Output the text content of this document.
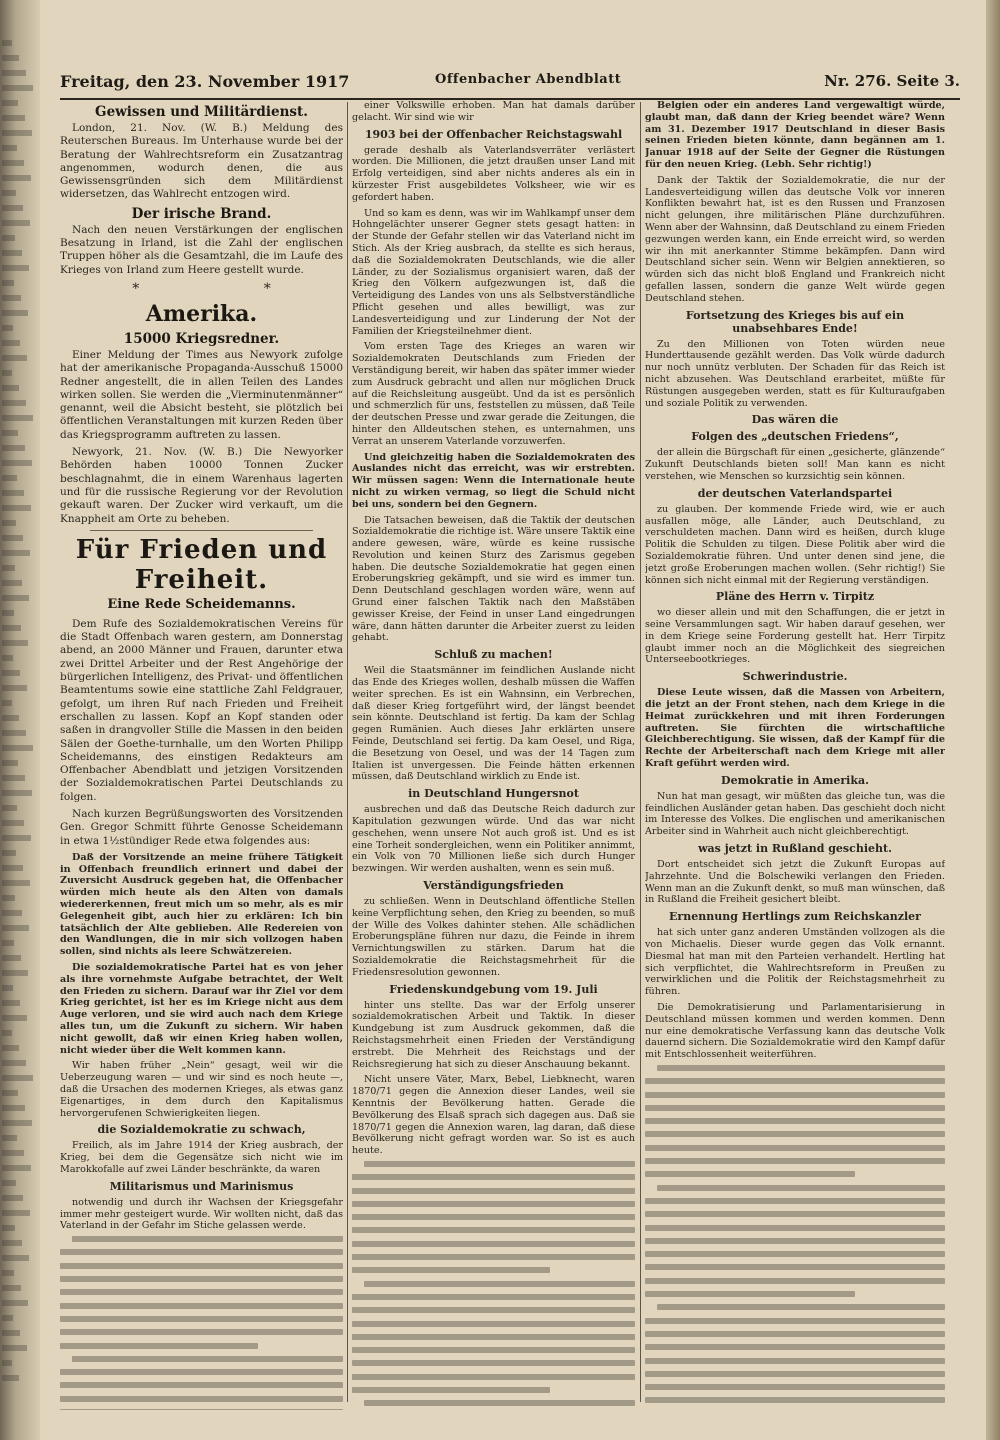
Freitag, den 23. November 1917	Offenbacher Abendblatt	Nr. 276. Seite 3.
Gewissen und Militärdienst.

London, 21. Nov. (W. B.) Meldung des Reuterschen Bureaus. Im Unterhause wurde bei der Beratung der Wahlrechtsreform ein Zusatzantrag angenommen, wodurch denen, die aus Gewissensgründen sich dem Militärdienst widersetzen, das Wahlrecht entzogen wird.

Der irische Brand.

Nach den neuen Verstärkungen der englischen Besatzung in Irland, ist die Zahl der englischen Truppen höher als die Gesamtzahl, die im Laufe des Krieges von Irland zum Heere gestellt wurde.

* *
Amerika.
15000 Kriegsredner.

Einer Meldung der Times aus Newyork zufolge hat der amerikanische Propaganda-Ausschuß 15000 Redner angestellt, die in allen Teilen des Landes wirken sollen. Sie werden die „Vierminutenmänner“ genannt, weil die Absicht besteht, sie plötzlich bei öffentlichen Veranstaltungen mit kurzen Reden über das Kriegsprogramm auftreten zu lassen.

Newyork, 21. Nov. (W. B.) Die Newyorker Behörden haben 10000 Tonnen Zucker beschlagnahmt, die in einem Warenhaus lagerten und für die russische Regierung vor der Revolution gekauft waren. Der Zucker wird verkauft, um die Knappheit am Orte zu beheben.

Für Frieden und Freiheit.
Eine Rede Scheidemanns.

Dem Rufe des Sozialdemokratischen Vereins für die Stadt Offenbach waren gestern, am Donnerstag abend, an 2000 Männer und Frauen, darunter etwa zwei Drittel Arbeiter und der Rest Angehörige der bürgerlichen Intelligenz, des Privat- und öffentlichen Beamtentums sowie eine stattliche Zahl Feldgrauer, gefolgt, um ihren Ruf nach Frieden und Freiheit erschallen zu lassen. Kopf an Kopf standen oder saßen in drangvoller Stille die Massen in den beiden Sälen der Goethe-turnhalle, um den Worten Philipp Scheidemanns, des einstigen Redakteurs am Offenbacher Abendblatt und jetzigen Vorsitzenden der Sozialdemokratischen Partei Deutschlands zu folgen.

Nach kurzen Begrüßungsworten des Vorsitzenden Gen. Gregor Schmitt führte Genosse Scheidemann in etwa 1½stündiger Rede etwa folgendes aus:

Daß der Vorsitzende an meine frühere Tätigkeit in Offenbach freundlich erinnert und dabei der Zuversicht Ausdruck gegeben hat, die Offenbacher würden mich heute als den Alten von damals wiedererkennen, freut mich um so mehr, als es mir Gelegenheit gibt, auch hier zu erklären: Ich bin tatsächlich der Alte geblieben. Alle Redereien von den Wandlungen, die in mir sich vollzogen haben sollen, sind nichts als leere Schwätzereien.

Die sozialdemokratische Partei hat es von jeher als ihre vornehmste Aufgabe betrachtet, der Welt den Frieden zu sichern. Darauf war ihr Ziel vor dem Krieg gerichtet, ist her es im Kriege nicht aus dem Auge verloren, und sie wird auch nach dem Kriege alles tun, um die Zukunft zu sichern. Wir haben nicht gewollt, daß wir einen Krieg haben wollen, nicht wieder über die Welt kommen kann.

Wir haben früher „Nein“ gesagt, weil wir die Ueberzeugung waren — und wir sind es noch heute —, daß die Ursachen des modernen Krieges, als etwas ganz Eigenartiges, in dem durch den Kapitalismus hervorgerufenen Schwierigkeiten liegen.

die Sozialdemokratie zu schwach,

Freilich, als im Jahre 1914 der Krieg ausbrach, der Krieg, bei dem die Gegensätze sich nicht wie im Marokkofalle auf zwei Länder beschränkte, da waren

Militarismus und Marinismus

notwendig und durch ihr Wachsen der Kriegsgefahr immer mehr gesteigert wurde. Wir wollten nicht, daß das Vaterland in der Gefahr im Stiche gelassen werde.

einer Volkswille erhoben. Man hat damals darüber gelacht. Wir sind wie wir

1903 bei der Offenbacher Reichstagswahl

gerade deshalb als Vaterlandsverräter verlästert worden. Die Millionen, die jetzt draußen unser Land mit Erfolg verteidigen, sind aber nichts anderes als ein in kürzester Frist ausgebildetes Volksheer, wie wir es gefordert haben.

Und so kam es denn, was wir im Wahlkampf unser dem Hohngelächter unserer Gegner stets gesagt hatten: in der Stunde der Gefahr stellen wir das Vaterland nicht im Stich. Als der Krieg ausbrach, da stellte es sich heraus, daß die Sozialdemokraten Deutschlands, wie die aller Länder, zu der Sozialismus organisiert waren, daß der Krieg den Völkern aufgezwungen ist, daß die Verteidigung des Landes von uns als Selbstverständliche Pflicht gesehen und alles bewilligt, was zur Landesverteidigung und zur Linderung der Not der Familien der Kriegsteilnehmer dient.

Vom ersten Tage des Krieges an waren wir Sozialdemokraten Deutschlands zum Frieden der Verständigung bereit, wir haben das später immer wieder zum Ausdruck gebracht und allen nur möglichen Druck auf die Reichsleitung ausgeübt. Und da ist es persönlich und schmerzlich für uns, feststellen zu müssen, daß Teile der deutschen Presse und zwar gerade die Zeitungen, die hinter den Alldeutschen stehen, es unternahmen, uns Verrat an unserem Vaterlande vorzuwerfen.

Und gleichzeitig haben die Sozialdemokraten des Auslandes nicht das erreicht, was wir erstrebten. Wir müssen sagen: Wenn die Internationale heute nicht zu wirken vermag, so liegt die Schuld nicht bei uns, sondern bei den Gegnern.

Die Tatsachen beweisen, daß die Taktik der deutschen Sozialdemokratie die richtige ist. Wäre unsere Taktik eine andere gewesen, wäre, würde es keine russische Revolution und keinen Sturz des Zarismus gegeben haben. Die deutsche Sozialdemokratie hat gegen einen Eroberungskrieg gekämpft, und sie wird es immer tun. Denn Deutschland geschlagen worden wäre, wenn auf Grund einer falschen Taktik nach den Maßstäben gewisser Kreise, der Feind in unser Land eingedrungen wäre, dann hätten darunter die Arbeiter zuerst zu leiden gehabt.

Schluß zu machen!

Weil die Staatsmänner im feindlichen Auslande nicht das Ende des Krieges wollen, deshalb müssen die Waffen weiter sprechen. Es ist ein Wahnsinn, ein Verbrechen, daß dieser Krieg fortgeführt wird, der längst beendet sein könnte. Deutschland ist fertig. Da kam der Schlag gegen Rumänien. Auch dieses Jahr erklärten unsere Feinde, Deutschland sei fertig. Da kam Oesel, und Riga, die Besetzung von Oesel, und was der 14 Tagen zum Italien ist unvergessen. Die Feinde hätten erkennen müssen, daß Deutschland wirklich zu Ende ist.

in Deutschland Hungersnot

ausbrechen und daß das Deutsche Reich dadurch zur Kapitulation gezwungen würde. Und das war nicht geschehen, wenn unsere Not auch groß ist. Und es ist eine Torheit sondergleichen, wenn ein Politiker annimmt, ein Volk von 70 Millionen ließe sich durch Hunger bezwingen. Wir werden aushalten, wenn es sein muß.

Verständigungsfrieden

zu schließen. Wenn in Deutschland öffentliche Stellen keine Verpflichtung sehen, den Krieg zu beenden, so muß der Wille des Volkes dahinter stehen. Alle schädlichen Eroberungspläne führen nur dazu, die Feinde in ihrem Vernichtungswillen zu stärken. Darum hat die Sozialdemokratie die Reichstagsmehrheit für die Friedensresolution gewonnen.

Friedenskundgebung vom 19. Juli

hinter uns stellte. Das war der Erfolg unserer sozialdemokratischen Arbeit und Taktik. In dieser Kundgebung ist zum Ausdruck gekommen, daß die Reichstagsmehrheit einen Frieden der Verständigung erstrebt. Die Mehrheit des Reichstags und der Reichsregierung hat sich zu dieser Anschauung bekannt.

Nicht unsere Väter, Marx, Bebel, Liebknecht, waren 1870/71 gegen die Annexion dieser Landes, weil sie Kenntnis der Bevölkerung hatten. Gerade die Bevölkerung des Elsaß sprach sich dagegen aus. Daß sie 1870/71 gegen die Annexion waren, lag daran, daß diese Bevölkerung nicht gefragt worden war. So ist es auch heute.

Belgien oder ein anderes Land vergewaltigt würde, glaubt man, daß dann der Krieg beendet wäre? Wenn am 31. Dezember 1917 Deutschland in dieser Basis seinen Frieden bieten könnte, dann begännen am 1. Januar 1918 auf der Seite der Gegner die Rüstungen für den neuen Krieg. (Lebh. Sehr richtig!)

Dank der Taktik der Sozialdemokratie, die nur der Landesverteidigung willen das deutsche Volk vor inneren Konflikten bewahrt hat, ist es den Russen und Franzosen nicht gelungen, ihre militärischen Pläne durchzuführen. Wenn aber der Wahnsinn, daß Deutschland zu einem Frieden gezwungen werden kann, ein Ende erreicht wird, so werden wir ihn mit anerkannter Stimme bekämpfen. Dann wird Deutschland sicher sein. Wenn wir Belgien annektieren, so würden sich das nicht bloß England und Frankreich nicht gefallen lassen, sondern die ganze Welt würde gegen Deutschland stehen.

Fortsetzung des Krieges bis auf ein unabsehbares Ende!

Zu den Millionen von Toten würden neue Hunderttausende gezählt werden. Das Volk würde dadurch nur noch unnütz verbluten. Der Schaden für das Reich ist nicht abzusehen. Was Deutschland erarbeitet, müßte für Rüstungen ausgegeben werden, statt es für Kulturaufgaben und soziale Politik zu verwenden.

Das wären die
Folgen des „deutschen Friedens“,

der allein die Bürgschaft für einen „gesicherte, glänzende“ Zukunft Deutschlands bieten soll! Man kann es nicht verstehen, wie Menschen so kurzsichtig sein können.

der deutschen Vaterlandspartei

zu glauben. Der kommende Friede wird, wie er auch ausfallen möge, alle Länder, auch Deutschland, zu verschuldeten machen. Dann wird es heißen, durch kluge Politik die Schulden zu tilgen. Diese Politik aber wird die Sozialdemokratie führen. Und unter denen sind jene, die jetzt große Eroberungen machen wollen. (Sehr richtig!) Sie können sich nicht einmal mit der Regierung verständigen.

Pläne des Herrn v. Tirpitz

wo dieser allein und mit den Schaffungen, die er jetzt in seine Versammlungen sagt. Wir haben darauf gesehen, wer in dem Kriege seine Forderung gestellt hat. Herr Tirpitz glaubt immer noch an die Möglichkeit des siegreichen Unterseebootkrieges.

Schwerindustrie.

Diese Leute wissen, daß die Massen von Arbeitern, die jetzt an der Front stehen, nach dem Kriege in die Heimat zurückkehren und mit ihren Forderungen auftreten. Sie fürchten die wirtschaftliche Gleichberechtigung. Sie wissen, daß der Kampf für die Rechte der Arbeiterschaft nach dem Kriege mit aller Kraft geführt werden wird.

Demokratie in Amerika.

Nun hat man gesagt, wir müßten das gleiche tun, was die feindlichen Ausländer getan haben. Das geschieht doch nicht im Interesse des Volkes. Die englischen und amerikanischen Arbeiter sind in Wahrheit auch nicht gleichberechtigt.

was jetzt in Rußland geschieht.

Dort entscheidet sich jetzt die Zukunft Europas auf Jahrzehnte. Und die Bolschewiki verlangen den Frieden. Wenn man an die Zukunft denkt, so muß man wünschen, daß in Rußland die Freiheit gesichert bleibt.

Ernennung Hertlings zum Reichskanzler

hat sich unter ganz anderen Umständen vollzogen als die von Michaelis. Dieser wurde gegen das Volk ernannt. Diesmal hat man mit den Parteien verhandelt. Hertling hat sich verpflichtet, die Wahlrechtsreform in Preußen zu verwirklichen und die Politik der Reichstagsmehrheit zu führen.

Die Demokratisierung und Parlamentarisierung in Deutschland müssen kommen und werden kommen. Denn nur eine demokratische Verfassung kann das deutsche Volk dauernd sichern. Die Sozialdemokratie wird den Kampf dafür mit Entschlossenheit weiterführen.
